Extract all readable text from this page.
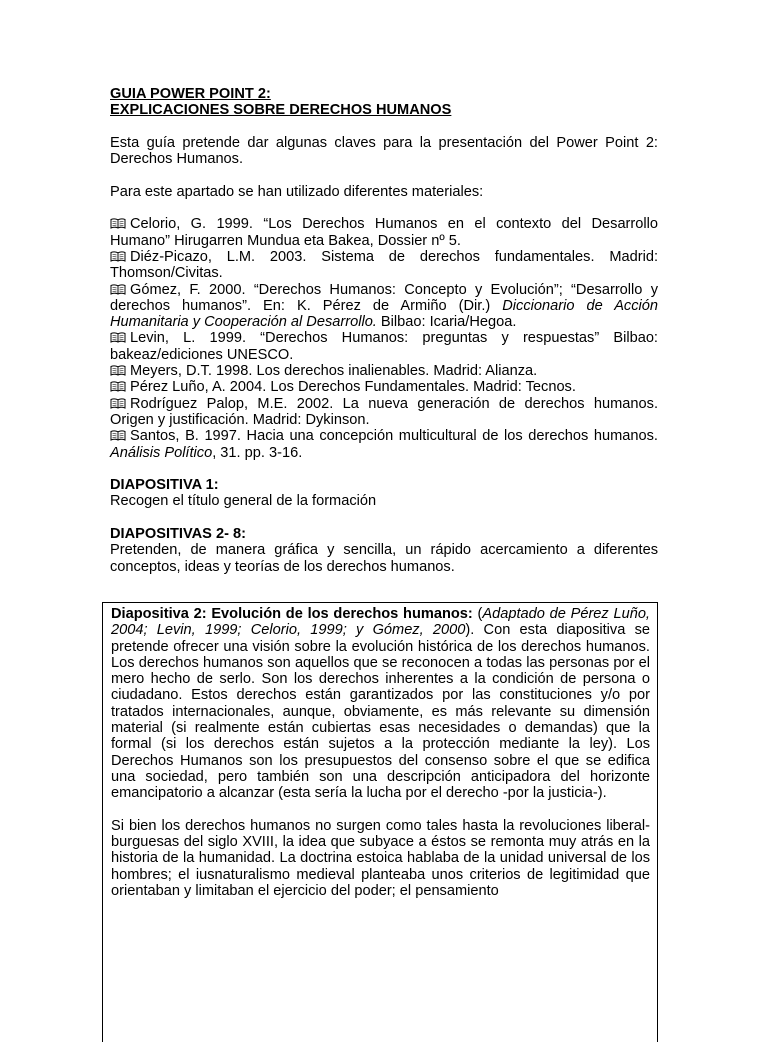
GUIA POWER POINT 2:

EXPLICACIONES SOBRE DERECHOS HUMANOS

Esta guía pretende dar algunas claves para la presentación del Power Point 2: Derechos Humanos.

Para este apartado se han utilizado diferentes materiales:

Celorio, G. 1999. “Los Derechos Humanos en el contexto del Desarrollo Humano” Hirugarren Mundua eta Bakea, Dossier nº 5.

Diéz-Picazo, L.M. 2003. Sistema de derechos fundamentales. Madrid: Thomson/Civitas.

Gómez, F. 2000. “Derechos Humanos: Concepto y Evolución”; “Desarrollo y derechos humanos”. En: K. Pérez de Armiño (Dir.) Diccionario de Acción Humanitaria y Cooperación al Desarrollo. Bilbao: Icaria/Hegoa.

Levin, L. 1999. “Derechos Humanos: preguntas y respuestas” Bilbao: bakeaz/ediciones UNESCO.

Meyers, D.T. 1998. Los derechos inalienables. Madrid: Alianza.

Pérez Luño, A. 2004. Los Derechos Fundamentales. Madrid: Tecnos.

Rodríguez Palop, M.E. 2002. La nueva generación de derechos humanos. Origen y justificación. Madrid: Dykinson.

Santos, B. 1997. Hacia una concepción multicultural de los derechos humanos. Análisis Político, 31. pp. 3-16.

DIAPOSITIVA 1:

Recogen el título general de la formación

DIAPOSITIVAS 2- 8:

Pretenden, de manera gráfica y sencilla, un rápido acercamiento a diferentes conceptos, ideas y teorías de los derechos humanos.

Diapositiva 2: Evolución de los derechos humanos: (Adaptado de Pérez Luño, 2004; Levin, 1999; Celorio, 1999; y Gómez, 2000). Con esta diapositiva se pretende ofrecer una visión sobre la evolución histórica de los derechos humanos. Los derechos humanos son aquellos que se reconocen a todas las personas por el mero hecho de serlo. Son los derechos inherentes a la condición de persona o ciudadano. Estos derechos están garantizados por las constituciones y/o por tratados internacionales, aunque, obviamente, es más relevante su dimensión material (si realmente están cubiertas esas necesidades o demandas) que la formal (si los derechos están sujetos a la protección mediante la ley). Los Derechos Humanos son los presupuestos del consenso sobre el que se edifica una sociedad, pero también son una descripción anticipadora del horizonte emancipatorio a alcanzar (esta sería la lucha por el derecho -por la justicia-).

Si bien los derechos humanos no surgen como tales hasta la revoluciones liberal-burguesas del siglo XVIII, la idea que subyace a éstos se remonta muy atrás en la historia de la humanidad. La doctrina estoica hablaba de la unidad universal de los hombres; el iusnaturalismo medieval planteaba unos criterios de legitimidad que orientaban y limitaban el ejercicio del poder; el pensamiento
